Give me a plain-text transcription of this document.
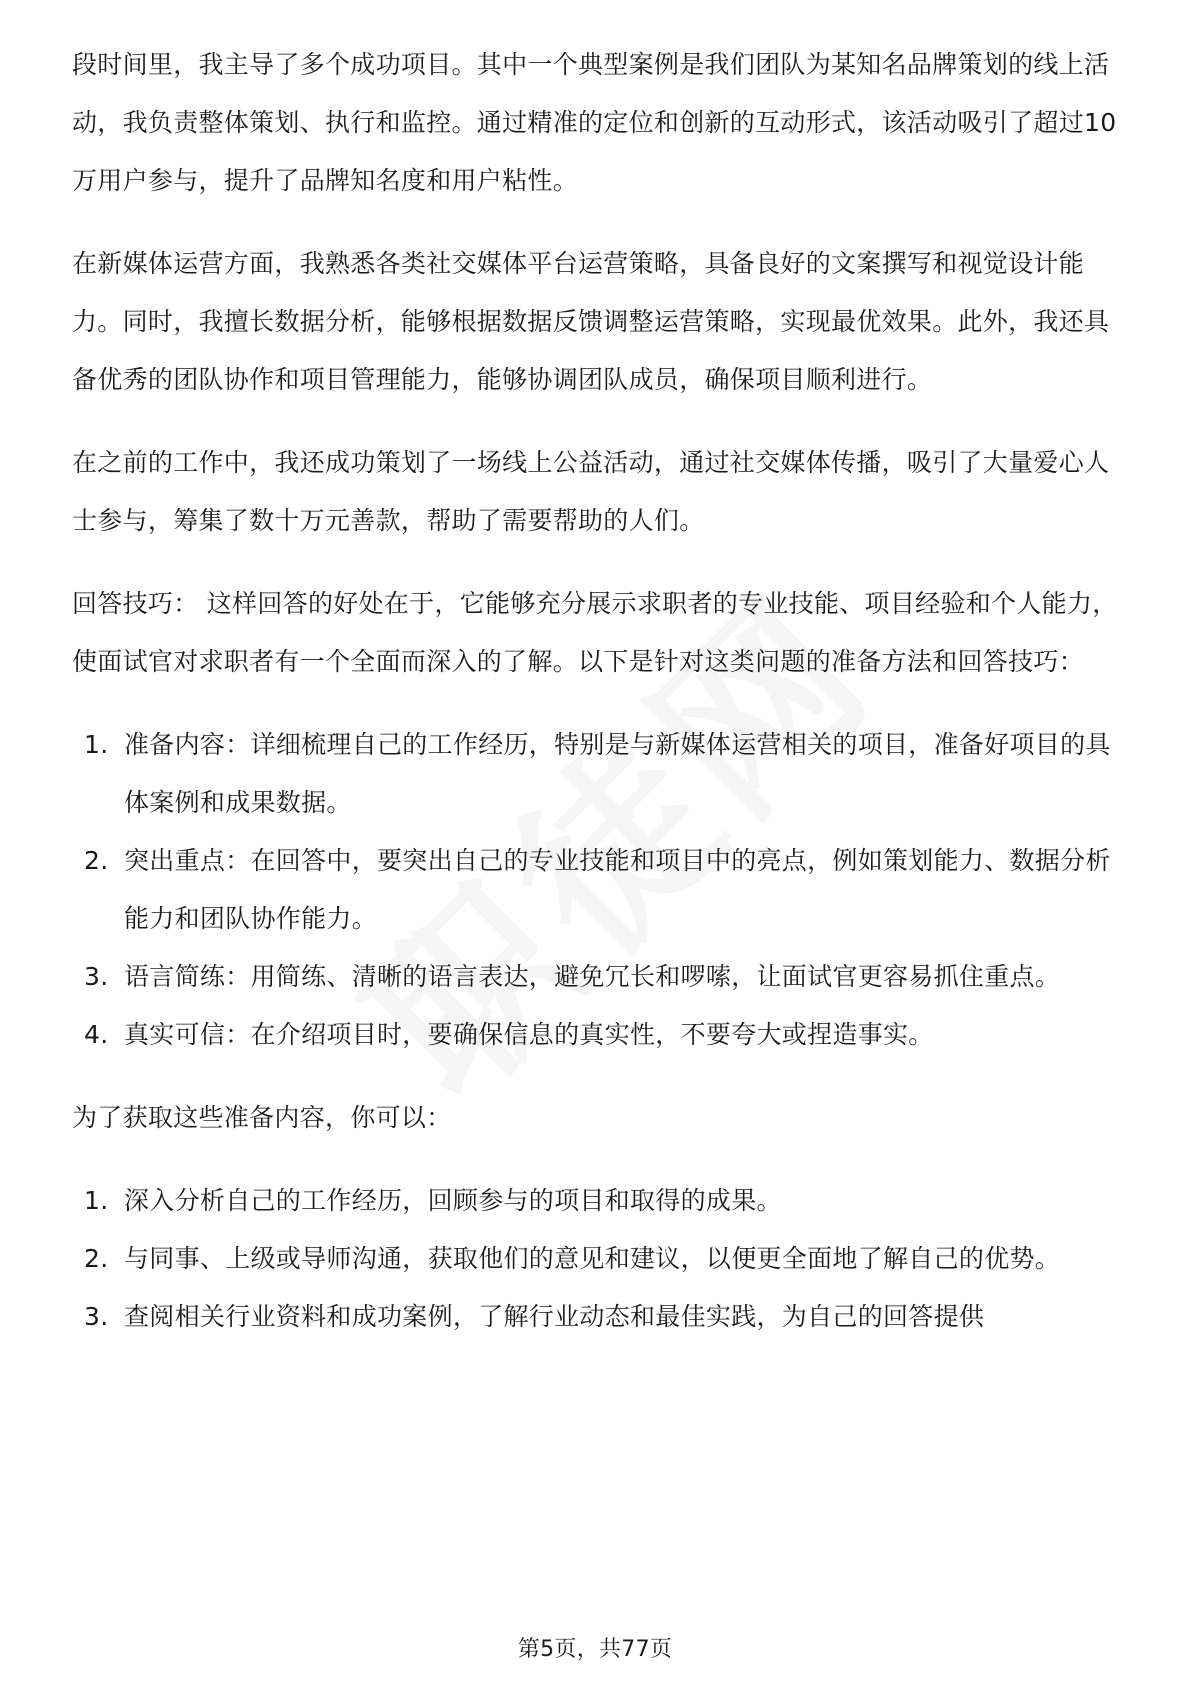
段时间里，我主导了多个成功项目。其中一个典型案例是我们团队为某知名品牌策划的线上活动，我负责整体策划、执行和监控。通过精准的定位和创新的互动形式，该活动吸引了超过10万用户参与，提升了品牌知名度和用户粘性。

在新媒体运营方面，我熟悉各类社交媒体平台运营策略，具备良好的文案撰写和视觉设计能力。同时，我擅长数据分析，能够根据数据反馈调整运营策略，实现最优效果。此外，我还具备优秀的团队协作和项目管理能力，能够协调团队成员，确保项目顺利进行。

在之前的工作中，我还成功策划了一场线上公益活动，通过社交媒体传播，吸引了大量爱心人士参与，筹集了数十万元善款，帮助了需要帮助的人们。

回答技巧： 这样回答的好处在于，它能够充分展示求职者的专业技能、项目经验和个人能力，使面试官对求职者有一个全面而深入的了解。以下是针对这类问题的准备方法和回答技巧：

1. 准备内容：详细梳理自己的工作经历，特别是与新媒体运营相关的项目，准备好项目的具体案例和成果数据。
2. 突出重点：在回答中，要突出自己的专业技能和项目中的亮点，例如策划能力、数据分析能力和团队协作能力。
3. 语言简练：用简练、清晰的语言表达，避免冗长和啰嗦，让面试官更容易抓住重点。
4. 真实可信：在介绍项目时，要确保信息的真实性，不要夸大或捏造事实。

为了获取这些准备内容，你可以：

1. 深入分析自己的工作经历，回顾参与的项目和取得的成果。
2. 与同事、上级或导师沟通，获取他们的意见和建议，以便更全面地了解自己的优势。
3. 查阅相关行业资料和成功案例，了解行业动态和最佳实践，为自己的回答提供
第5页，共77页
